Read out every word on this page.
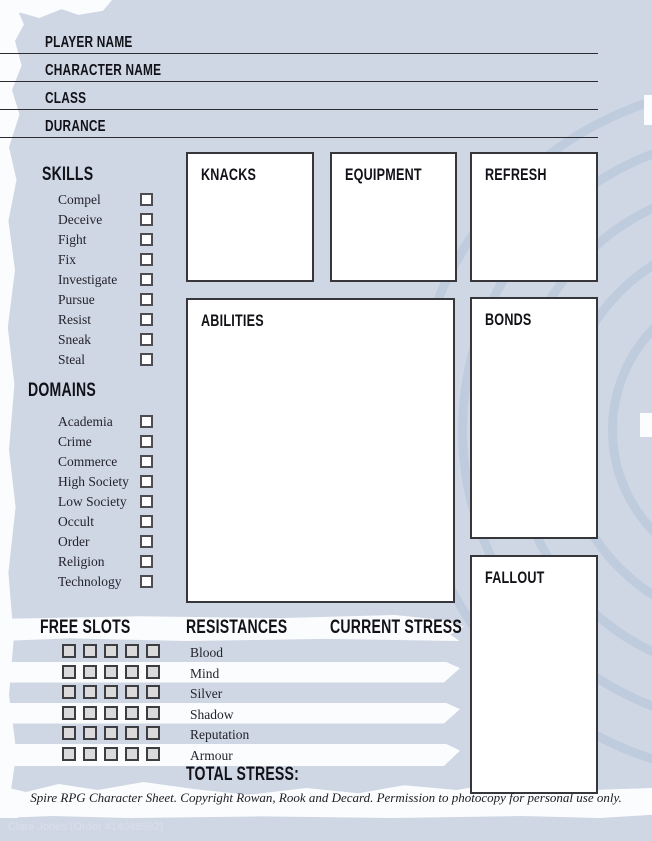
PLAYER NAME
CHARACTER NAME
CLASS
DURANCE
SKILLS
Compel
Deceive
Fight
Fix
Investigate
Pursue
Resist
Sneak
Steal
DOMAINS
Academia
Crime
Commerce
High Society
Low Society
Occult
Order
Religion
Technology
KNACKS	EQUIPMENT	REFRESH
ABILITIES	BONDS
FALLOUT
FREE SLOTS	RESISTANCES CURRENT STRESS
Blood
Mind
Silver
Shadow
Reputation
Armour
TOTAL STRESS:
Spire RPG Character Sheet. Copyright Rowan, Rook and Decard. Permission to photocopy for personal use only.
Clare Jones (Order #14048592)
